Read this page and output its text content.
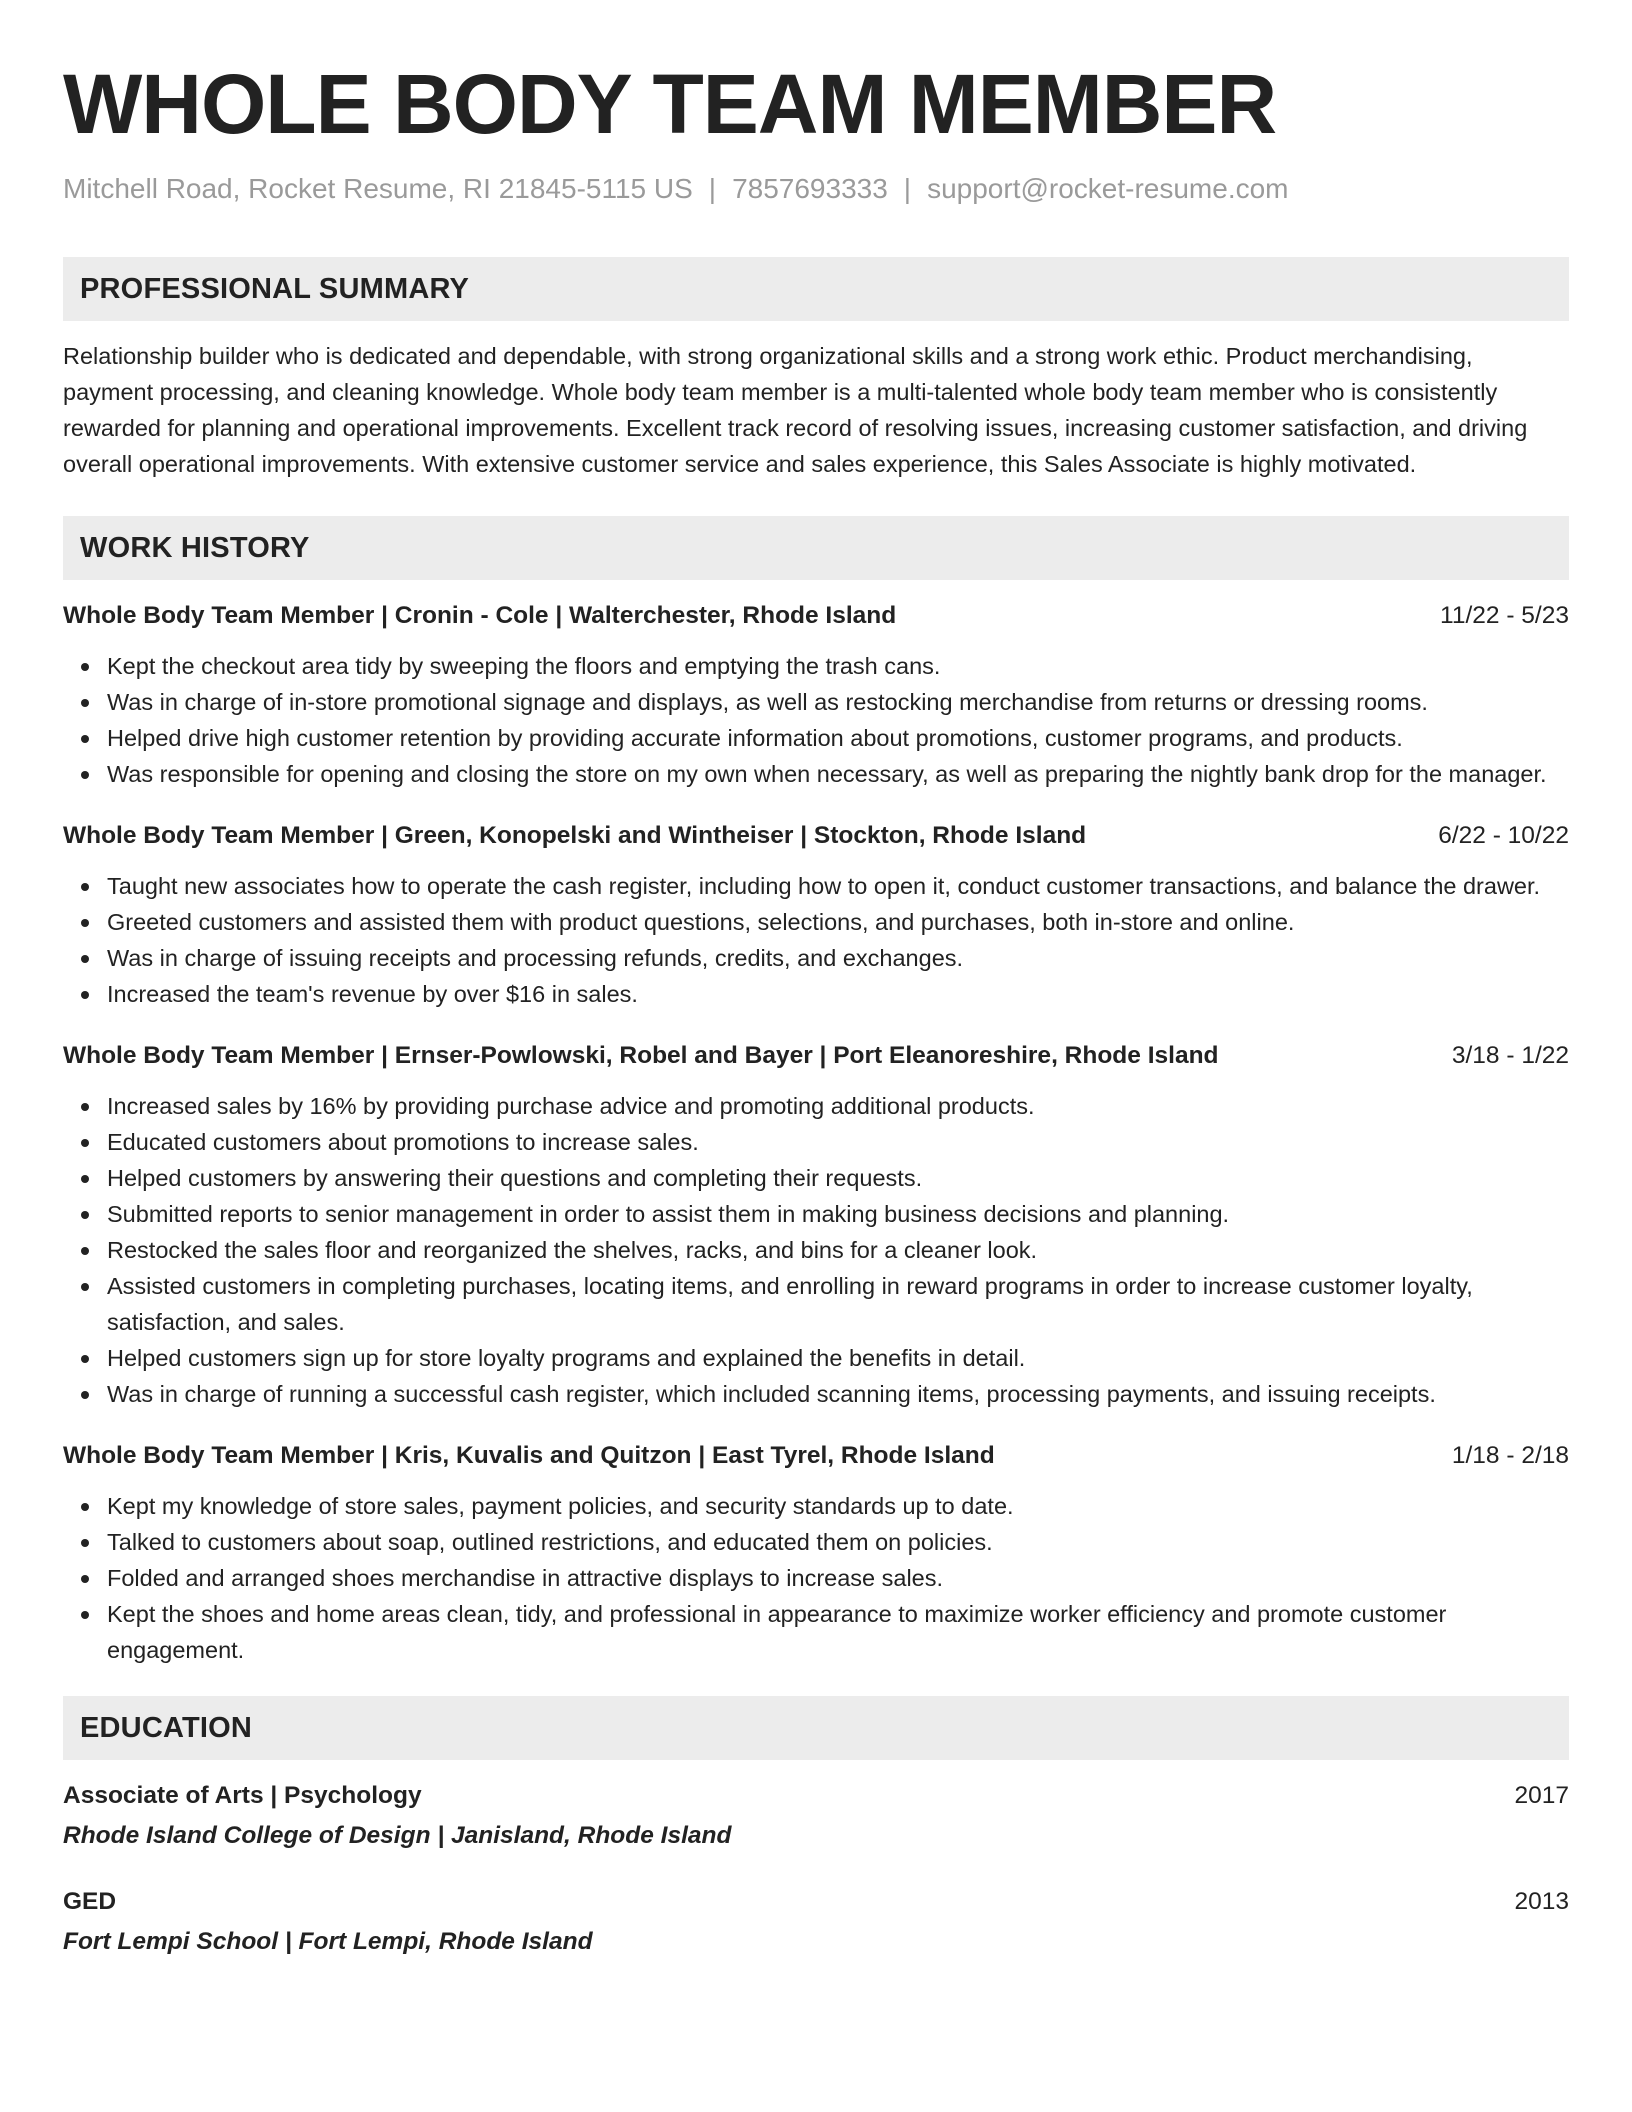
WHOLE BODY TEAM MEMBER
Mitchell Road, Rocket Resume, RI 21845-5115 US | 7857693333 | support@rocket-resume.com
PROFESSIONAL SUMMARY
Relationship builder who is dedicated and dependable, with strong organizational skills and a strong work ethic. Product merchandising, payment processing, and cleaning knowledge. Whole body team member is a multi-talented whole body team member who is consistently rewarded for planning and operational improvements. Excellent track record of resolving issues, increasing customer satisfaction, and driving overall operational improvements. With extensive customer service and sales experience, this Sales Associate is highly motivated.
WORK HISTORY
Whole Body Team Member | Cronin - Cole | Walterchester, Rhode Island	11/22 - 5/23
Kept the checkout area tidy by sweeping the floors and emptying the trash cans.
Was in charge of in-store promotional signage and displays, as well as restocking merchandise from returns or dressing rooms.
Helped drive high customer retention by providing accurate information about promotions, customer programs, and products.
Was responsible for opening and closing the store on my own when necessary, as well as preparing the nightly bank drop for the manager.
Whole Body Team Member | Green, Konopelski and Wintheiser | Stockton, Rhode Island	6/22 - 10/22
Taught new associates how to operate the cash register, including how to open it, conduct customer transactions, and balance the drawer.
Greeted customers and assisted them with product questions, selections, and purchases, both in-store and online.
Was in charge of issuing receipts and processing refunds, credits, and exchanges.
Increased the team's revenue by over $16 in sales.
Whole Body Team Member | Ernser-Powlowski, Robel and Bayer | Port Eleanoreshire, Rhode Island	3/18 - 1/22
Increased sales by 16% by providing purchase advice and promoting additional products.
Educated customers about promotions to increase sales.
Helped customers by answering their questions and completing their requests.
Submitted reports to senior management in order to assist them in making business decisions and planning.
Restocked the sales floor and reorganized the shelves, racks, and bins for a cleaner look.
Assisted customers in completing purchases, locating items, and enrolling in reward programs in order to increase customer loyalty, satisfaction, and sales.
Helped customers sign up for store loyalty programs and explained the benefits in detail.
Was in charge of running a successful cash register, which included scanning items, processing payments, and issuing receipts.
Whole Body Team Member | Kris, Kuvalis and Quitzon | East Tyrel, Rhode Island	1/18 - 2/18
Kept my knowledge of store sales, payment policies, and security standards up to date.
Talked to customers about soap, outlined restrictions, and educated them on policies.
Folded and arranged shoes merchandise in attractive displays to increase sales.
Kept the shoes and home areas clean, tidy, and professional in appearance to maximize worker efficiency and promote customer engagement.
EDUCATION
Associate of Arts | Psychology	2017
Rhode Island College of Design | Janisland, Rhode Island
GED	2013
Fort Lempi School | Fort Lempi, Rhode Island
